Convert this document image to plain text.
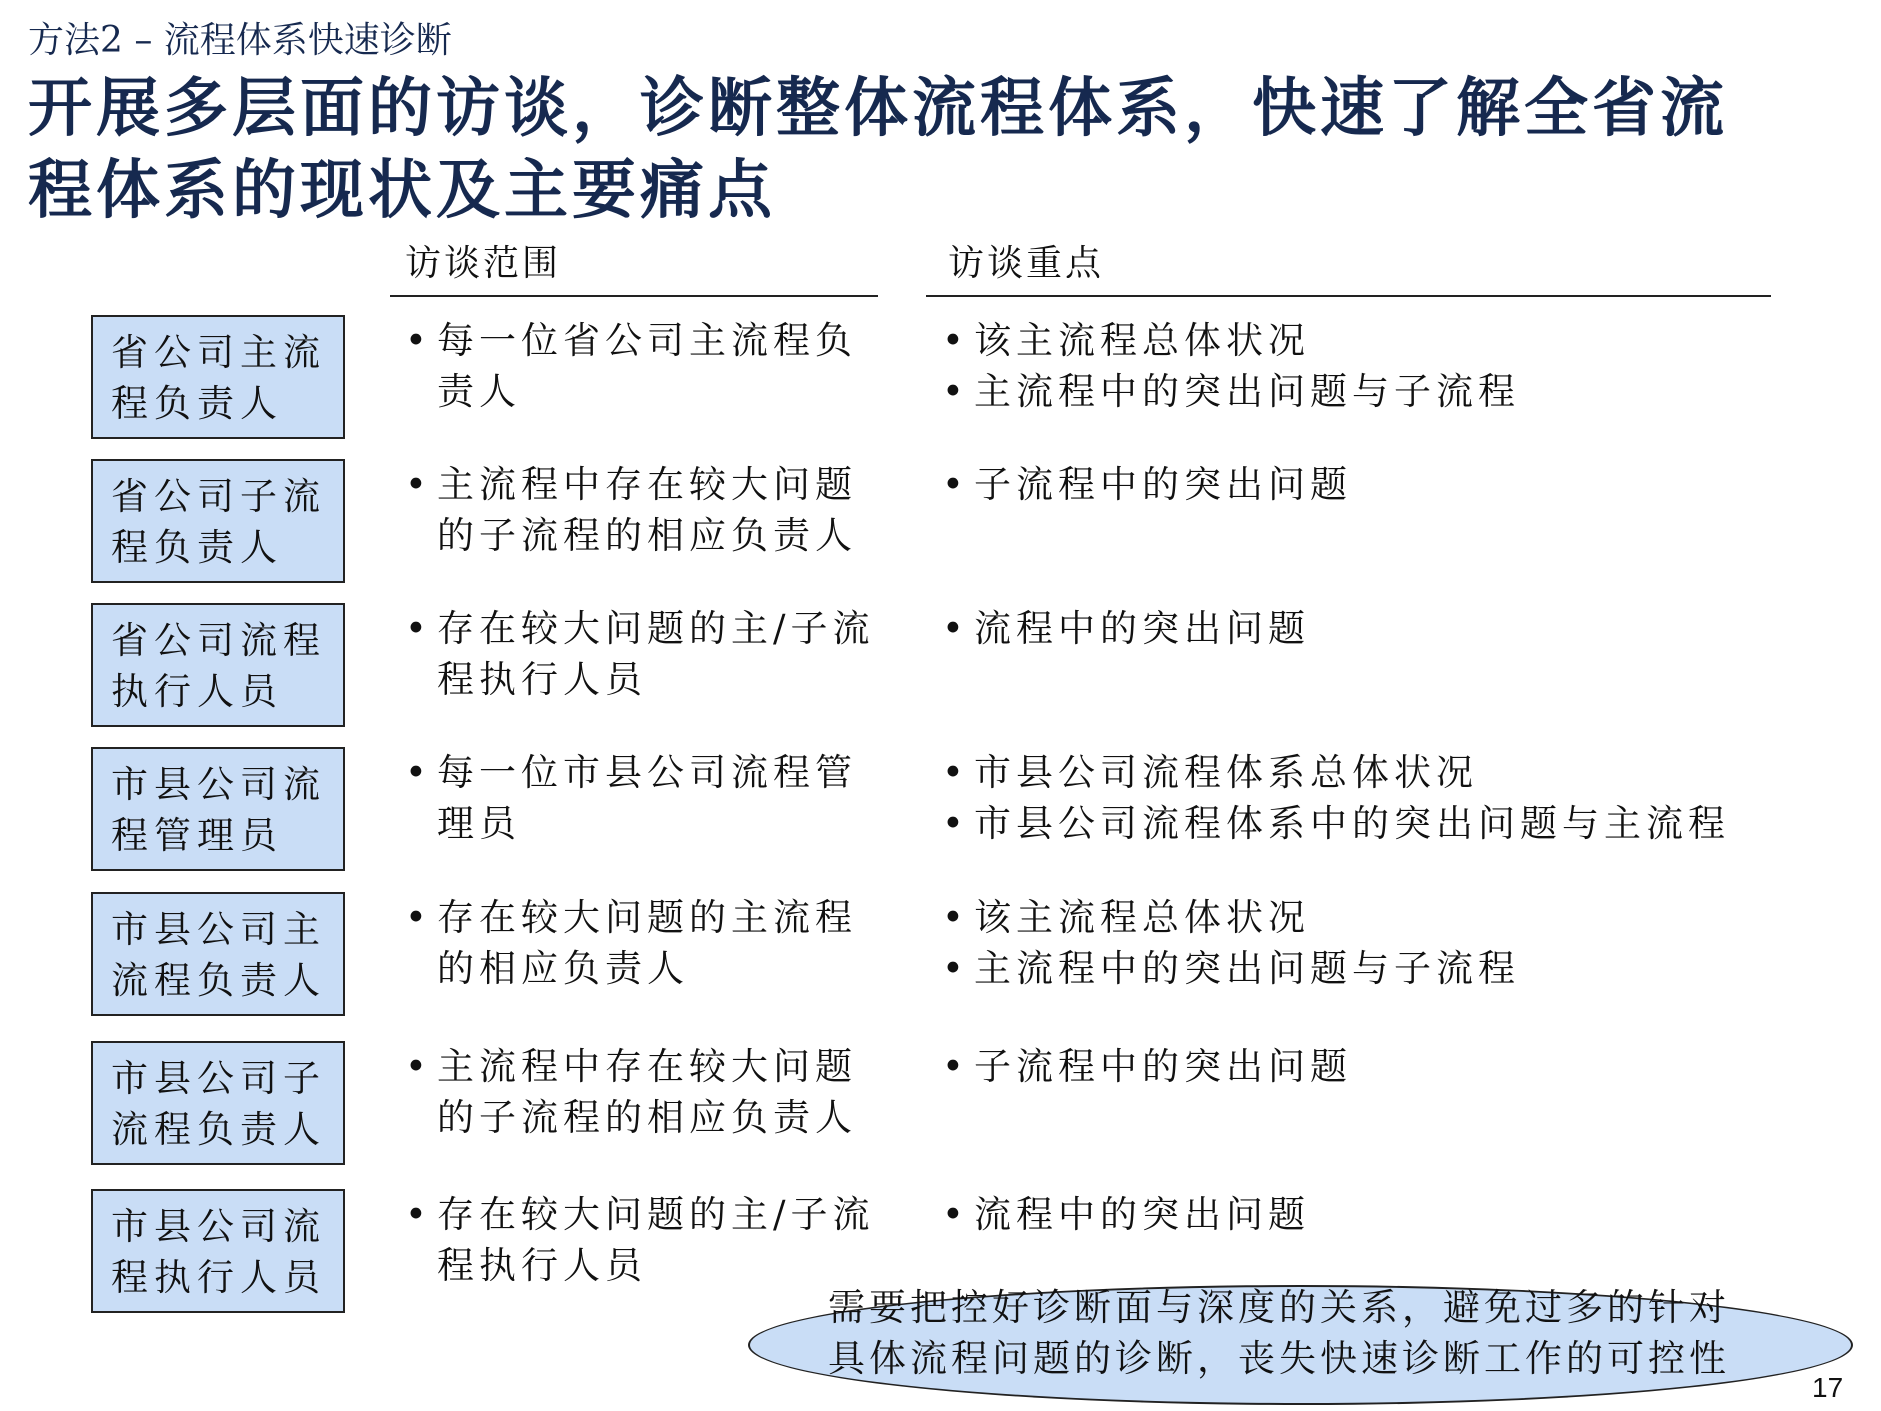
方法2 – 流程体系快速诊断
开展多层面的访谈，诊断整体流程体系，快速了解全省流
程体系的现状及主要痛点
访谈范围	访谈重点
省公司主流
程负责人
• 每一位省公司主流程负
责人
• 该主流程总体状况
• 主流程中的突出问题与子流程
省公司子流
程负责人
• 主流程中存在较大问题
的子流程的相应负责人
• 子流程中的突出问题
省公司流程
执行人员
• 存在较大问题的主/子流
程执行人员
• 流程中的突出问题
市县公司流
程管理员
• 每一位市县公司流程管
理员
• 市县公司流程体系总体状况
• 市县公司流程体系中的突出问题与主流程
市县公司主
流程负责人
• 存在较大问题的主流程
的相应负责人
• 该主流程总体状况
• 主流程中的突出问题与子流程
市县公司子
流程负责人
• 主流程中存在较大问题
的子流程的相应负责人
• 子流程中的突出问题
市县公司流
程执行人员
• 存在较大问题的主/子流
程执行人员
• 流程中的突出问题
需要把控好诊断面与深度的关系，避免过多的针对
具体流程问题的诊断，丧失快速诊断工作的可控性
17
